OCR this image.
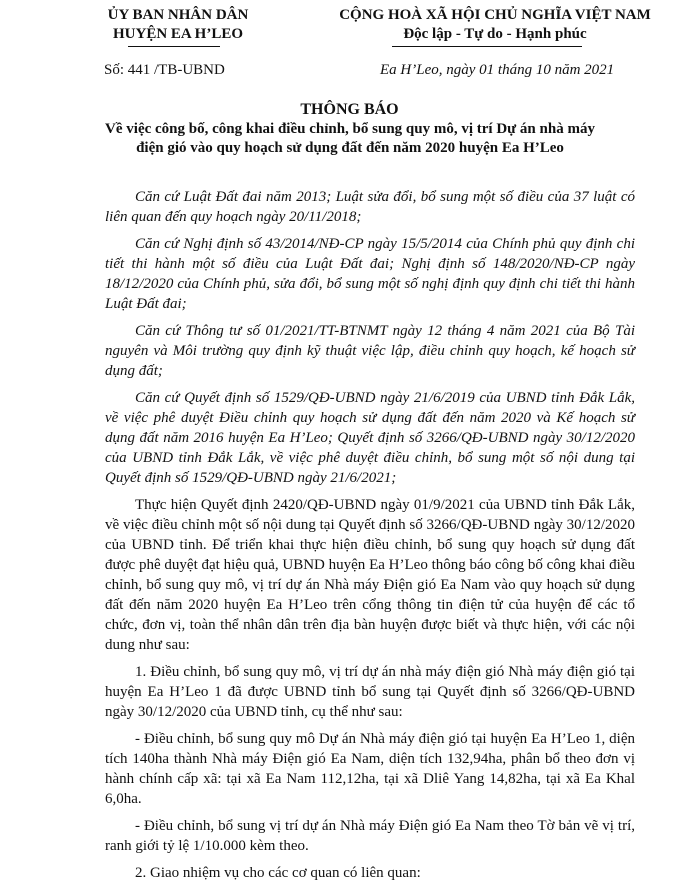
ỦY BAN NHÂN DÂN
HUYỆN EA H’LEO
CỘNG HOÀ XÃ HỘI CHỦ NGHĨA VIỆT NAM
Độc lập - Tự do - Hạnh phúc
Số: 441 /TB-UBND	Ea H’Leo, ngày 01 tháng 10 năm 2021
THÔNG BÁO
Về việc công bố, công khai điều chỉnh, bổ sung quy mô, vị trí Dự án nhà máy điện gió vào quy hoạch sử dụng đất đến năm 2020 huyện Ea H’Leo

Căn cứ Luật Đất đai năm 2013; Luật sửa đổi, bổ sung một số điều của 37 luật có liên quan đến quy hoạch ngày 20/11/2018;

Căn cứ Nghị định số 43/2014/NĐ-CP ngày 15/5/2014 của Chính phủ quy định chi tiết thi hành một số điều của Luật Đất đai; Nghị định số 148/2020/NĐ-CP ngày 18/12/2020 của Chính phủ, sửa đổi, bổ sung một số nghị định quy định chi tiết thi hành Luật Đất đai;

Căn cứ Thông tư số 01/2021/TT-BTNMT ngày 12 tháng 4 năm 2021 của Bộ Tài nguyên và Môi trường quy định kỹ thuật việc lập, điều chỉnh quy hoạch, kế hoạch sử dụng đất;

Căn cứ Quyết định số 1529/QĐ-UBND ngày 21/6/2019 của UBND tỉnh Đắk Lắk, về việc phê duyệt Điều chỉnh quy hoạch sử dụng đất đến năm 2020 và Kế hoạch sử dụng đất năm 2016 huyện Ea H’Leo; Quyết định số 3266/QĐ-UBND ngày 30/12/2020 của UBND tỉnh Đắk Lắk, về việc phê duyệt điều chỉnh, bổ sung một số nội dung tại Quyết định số 1529/QĐ-UBND ngày 21/6/2021;

Thực hiện Quyết định 2420/QĐ-UBND ngày 01/9/2021 của UBND tỉnh Đắk Lắk, về việc điều chỉnh một số nội dung tại Quyết định số 3266/QĐ-UBND ngày 30/12/2020 của UBND tỉnh. Để triển khai thực hiện điều chỉnh, bổ sung quy hoạch sử dụng đất được phê duyệt đạt hiệu quả, UBND huyện Ea H’Leo thông báo công bố công khai điều chỉnh, bổ sung quy mô, vị trí dự án Nhà máy Điện gió Ea Nam vào quy hoạch sử dụng đất đến năm 2020 huyện Ea H’Leo trên cổng thông tin điện tử của huyện để các tổ chức, đơn vị, toàn thể nhân dân trên địa bàn huyện được biết và thực hiện, với các nội dung như sau:

1. Điều chỉnh, bổ sung quy mô, vị trí dự án nhà máy điện gió Nhà máy điện gió tại huyện Ea H’Leo 1 đã được UBND tỉnh bổ sung tại Quyết định số 3266/QĐ-UBND ngày 30/12/2020 của UBND tỉnh, cụ thể như sau:

- Điều chỉnh, bổ sung quy mô Dự án Nhà máy điện gió tại huyện Ea H’Leo 1, diện tích 140ha thành Nhà máy Điện gió Ea Nam, diện tích 132,94ha, phân bổ theo đơn vị hành chính cấp xã: tại xã Ea Nam 112,12ha, tại xã Dliê Yang 14,82ha, tại xã Ea Khal 6,0ha.

- Điều chỉnh, bổ sung vị trí dự án Nhà máy Điện gió Ea Nam theo Tờ bản vẽ vị trí, ranh giới tỷ lệ 1/10.000 kèm theo.

2. Giao nhiệm vụ cho các cơ quan có liên quan:
